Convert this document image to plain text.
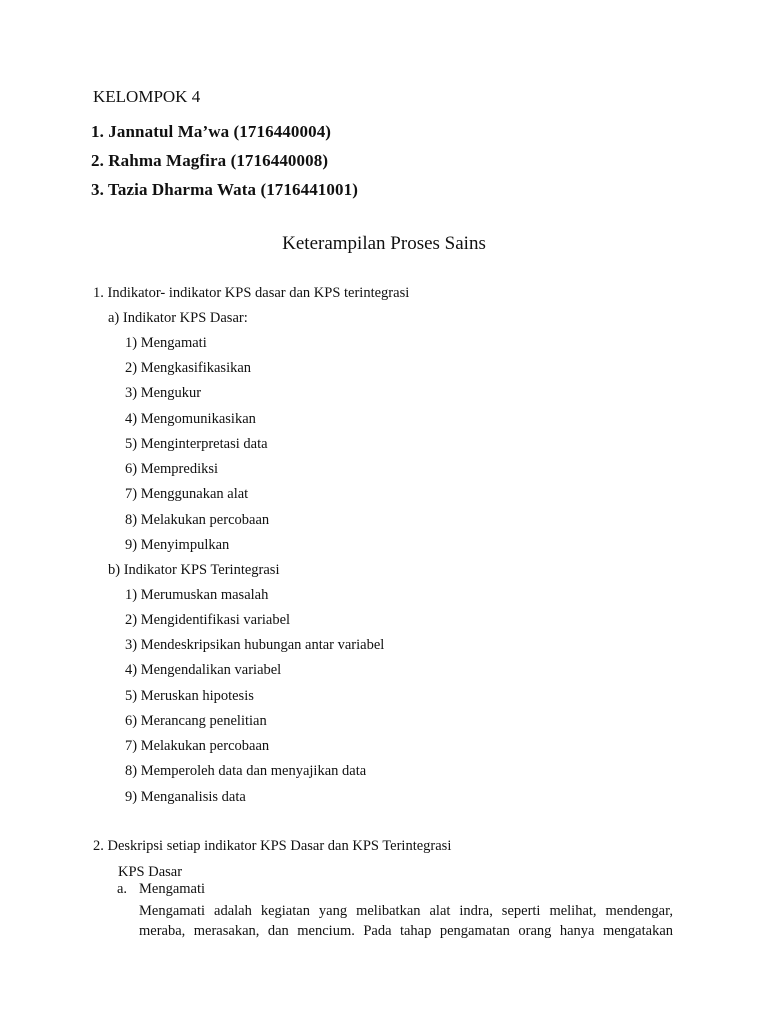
KELOMPOK 4
1. Jannatul Ma’wa (1716440004)
2. Rahma Magfira (1716440008)
3. Tazia Dharma Wata (1716441001)
Keterampilan Proses Sains
1. Indikator- indikator KPS dasar dan KPS terintegrasi
a) Indikator KPS Dasar:
1) Mengamati
2) Mengkasifikasikan
3) Mengukur
4) Mengomunikasikan
5) Menginterpretasi data
6) Memprediksi
7) Menggunakan alat
8) Melakukan percobaan
9) Menyimpulkan
b) Indikator KPS Terintegrasi
1) Merumuskan masalah
2) Mengidentifikasi variabel
3) Mendeskripsikan hubungan antar variabel
4) Mengendalikan variabel
5) Meruskan hipotesis
6) Merancang penelitian
7) Melakukan percobaan
8) Memperoleh data dan menyajikan data
9) Menganalisis data
2. Deskripsi setiap indikator KPS Dasar dan KPS Terintegrasi
KPS Dasar
a. Mengamati
Mengamati adalah kegiatan yang melibatkan alat indra, seperti melihat, mendengar,
meraba, merasakan, dan mencium. Pada tahap pengamatan orang hanya mengatakan
